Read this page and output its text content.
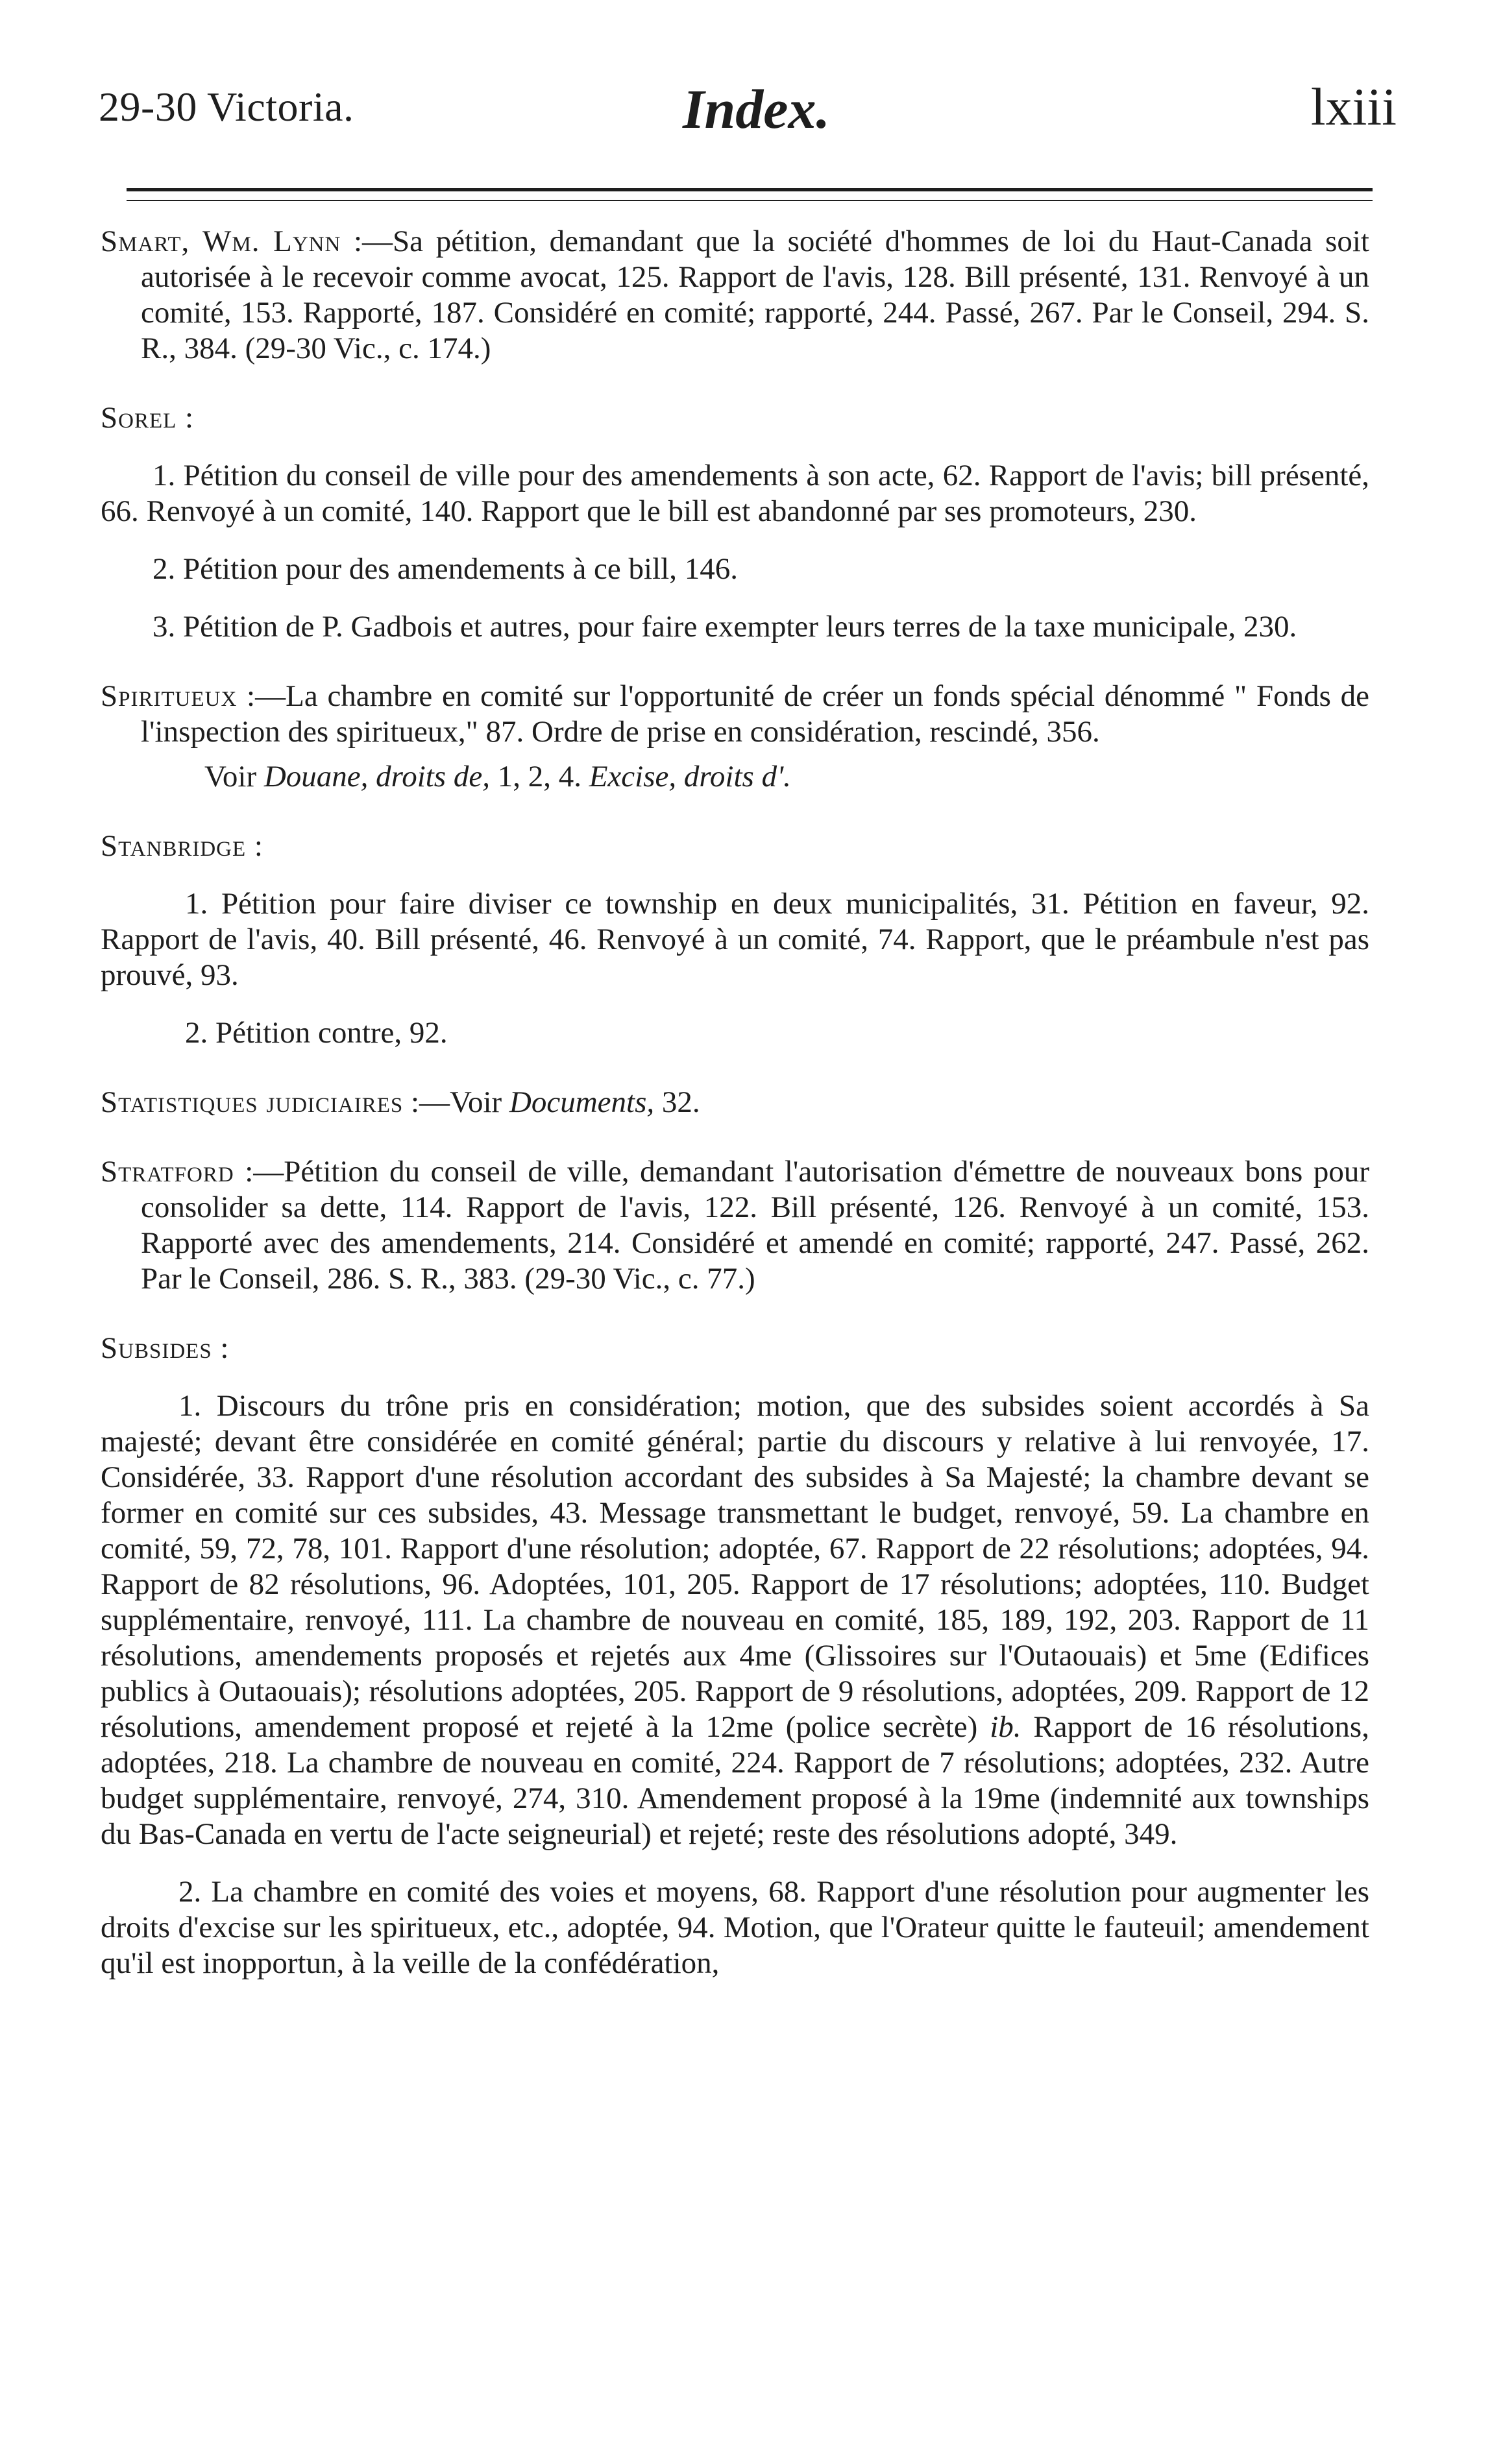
29-30 Victoria.	Index.	lxiii
Smart, Wm. Lynn :—Sa pétition, demandant que la société d'hommes de loi du Haut-Canada soit autorisée à le recevoir comme avocat, 125. Rapport de l'avis, 128. Bill présenté, 131. Renvoyé à un comité, 153. Rapporté, 187. Considéré en comité; rapporté, 244. Passé, 267. Par le Conseil, 294. S. R., 384. (29-30 Vic., c. 174.)
Sorel :
1. Pétition du conseil de ville pour des amendements à son acte, 62. Rapport de l'avis; bill présenté, 66. Renvoyé à un comité, 140. Rapport que le bill est abandonné par ses promoteurs, 230.
2. Pétition pour des amendements à ce bill, 146.
3. Pétition de P. Gadbois et autres, pour faire exempter leurs terres de la taxe municipale, 230.
Spiritueux :—La chambre en comité sur l'opportunité de créer un fonds spécial dénommé " Fonds de l'inspection des spiritueux," 87. Ordre de prise en considération, rescindé, 356.
Voir Douane, droits de, 1, 2, 4. Excise, droits d'.
Stanbridge :
1. Pétition pour faire diviser ce township en deux municipalités, 31. Pétition en faveur, 92. Rapport de l'avis, 40. Bill présenté, 46. Renvoyé à un comité, 74. Rapport, que le préambule n'est pas prouvé, 93.
2. Pétition contre, 92.
Statistiques judiciaires :—Voir Documents, 32.
Stratford :—Pétition du conseil de ville, demandant l'autorisation d'émettre de nouveaux bons pour consolider sa dette, 114. Rapport de l'avis, 122. Bill présenté, 126. Renvoyé à un comité, 153. Rapporté avec des amendements, 214. Considéré et amendé en comité; rapporté, 247. Passé, 262. Par le Conseil, 286. S. R., 383. (29-30 Vic., c. 77.)
Subsides :
1. Discours du trône pris en considération; motion, que des subsides soient accordés à Sa majesté; devant être considérée en comité général; partie du discours y relative à lui renvoyée, 17. Considérée, 33. Rapport d'une résolution accordant des subsides à Sa Majesté; la chambre devant se former en comité sur ces subsides, 43. Message transmettant le budget, renvoyé, 59. La chambre en comité, 59, 72, 78, 101. Rapport d'une résolution; adoptée, 67. Rapport de 22 résolutions; adoptées, 94. Rapport de 82 résolutions, 96. Adoptées, 101, 205. Rapport de 17 résolutions; adoptées, 110. Budget supplémentaire, renvoyé, 111. La chambre de nouveau en comité, 185, 189, 192, 203. Rapport de 11 résolutions, amendements proposés et rejetés aux 4me (Glissoires sur l'Outaouais) et 5me (Edifices publics à Outaouais); résolutions adoptées, 205. Rapport de 9 résolutions, adoptées, 209. Rapport de 12 résolutions, amendement proposé et rejeté à la 12me (police secrète) ib. Rapport de 16 résolutions, adoptées, 218. La chambre de nouveau en comité, 224. Rapport de 7 résolutions; adoptées, 232. Autre budget supplémentaire, renvoyé, 274, 310. Amendement proposé à la 19me (indemnité aux townships du Bas-Canada en vertu de l'acte seigneurial) et rejeté; reste des résolutions adopté, 349.
2. La chambre en comité des voies et moyens, 68. Rapport d'une résolution pour augmenter les droits d'excise sur les spiritueux, etc., adoptée, 94. Motion, que l'Orateur quitte le fauteuil; amendement qu'il est inopportun, à la veille de la confédération,
